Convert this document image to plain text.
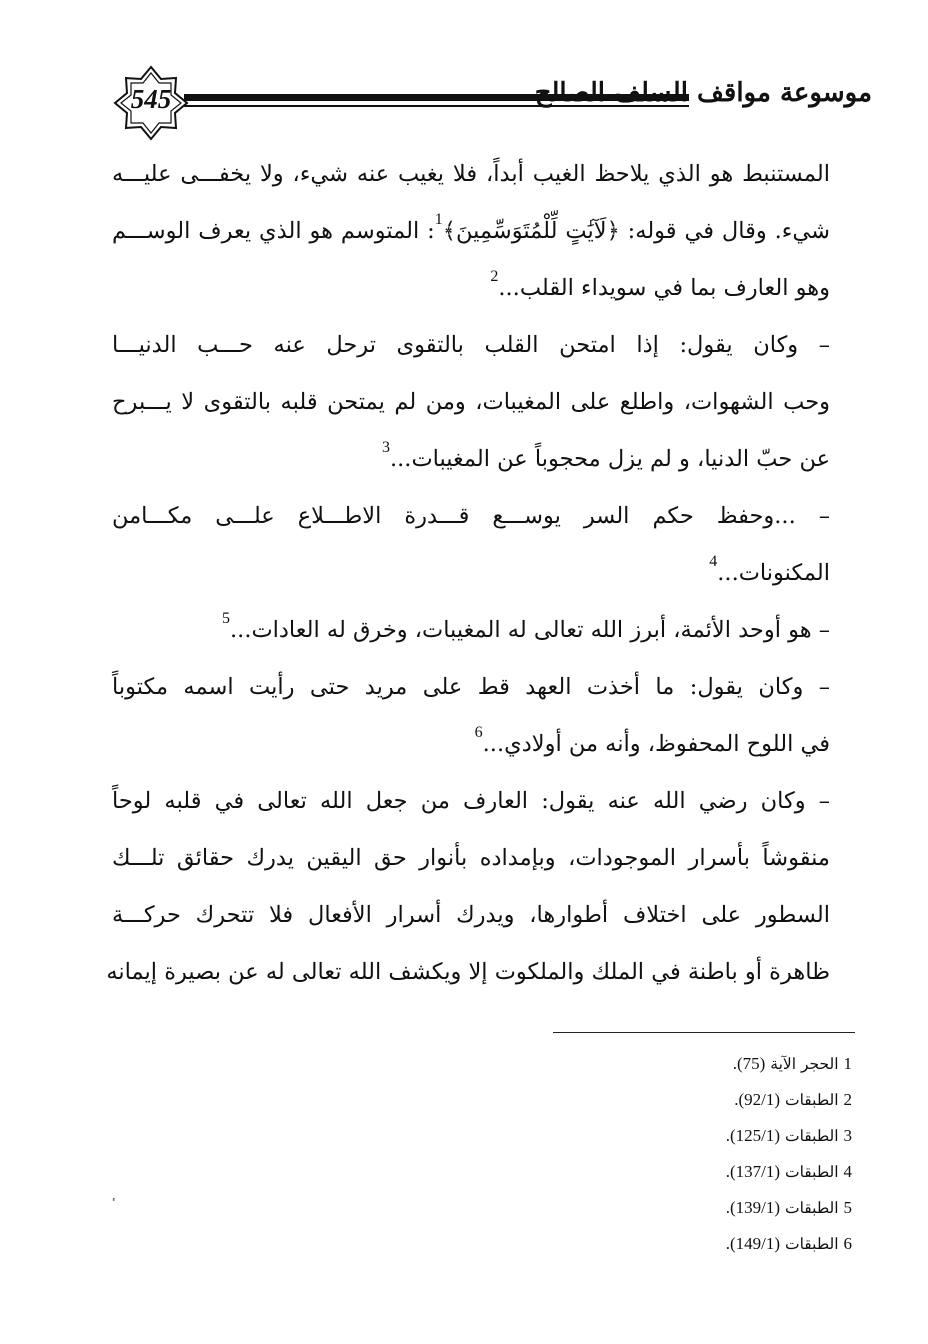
545	موسوعة مواقف السلف الصالح
المستنبط هو الذي يلاحظ الغيب أبداً، فلا يغيب عنه شيء، ولا يخفـــى عليـــه
شيء. وقال في قوله: ﴿لَآيَٰتٍ لِّلْمُتَوَسِّمِينَ﴾$^1$: المتوسم هو الذي يعرف الوســـم
وهو العارف بما في سويداء القلب...$^2$
– وكان يقول: إذا امتحن القلب بالتقوى ترحل عنه حـــب الدنيـــا
وحب الشهوات، واطلع على المغيبات، ومن لم يمتحن قلبه بالتقوى لا يـــبرح
عن حبّ الدنيا، و لم يزل محجوباً عن المغيبات...$^3$
– ...وحفظ حكم السر يوســـع قـــدرة الاطـــلاع علـــى مكـــامن
المكنونات...$^4$
– هو أوحد الأئمة، أبرز الله تعالى له المغيبات، وخرق له العادات...$^5$
– وكان يقول: ما أخذت العهد قط على مريد حتى رأيت اسمه مكتوباً
في اللوح المحفوظ، وأنه من أولادي...$^6$
– وكان رضي الله عنه يقول: العارف من جعل الله تعالى في قلبه لوحاً
منقوشاً بأسرار الموجودات، وبإمداده بأنوار حق اليقين يدرك حقائق تلـــك
السطور على اختلاف أطوارها، ويدرك أسرار الأفعال فلا تتحرك حركـــة
ظاهرة أو باطنة في الملك والملكوت إلا ويكشف الله تعالى له عن بصيرة إيمانه
1 الحجر الآية (75).
2 الطبقات (92/1).
3 الطبقات (125/1).
4 الطبقات (137/1).
5 الطبقات (139/1).
6 الطبقات (149/1).
ٴ
